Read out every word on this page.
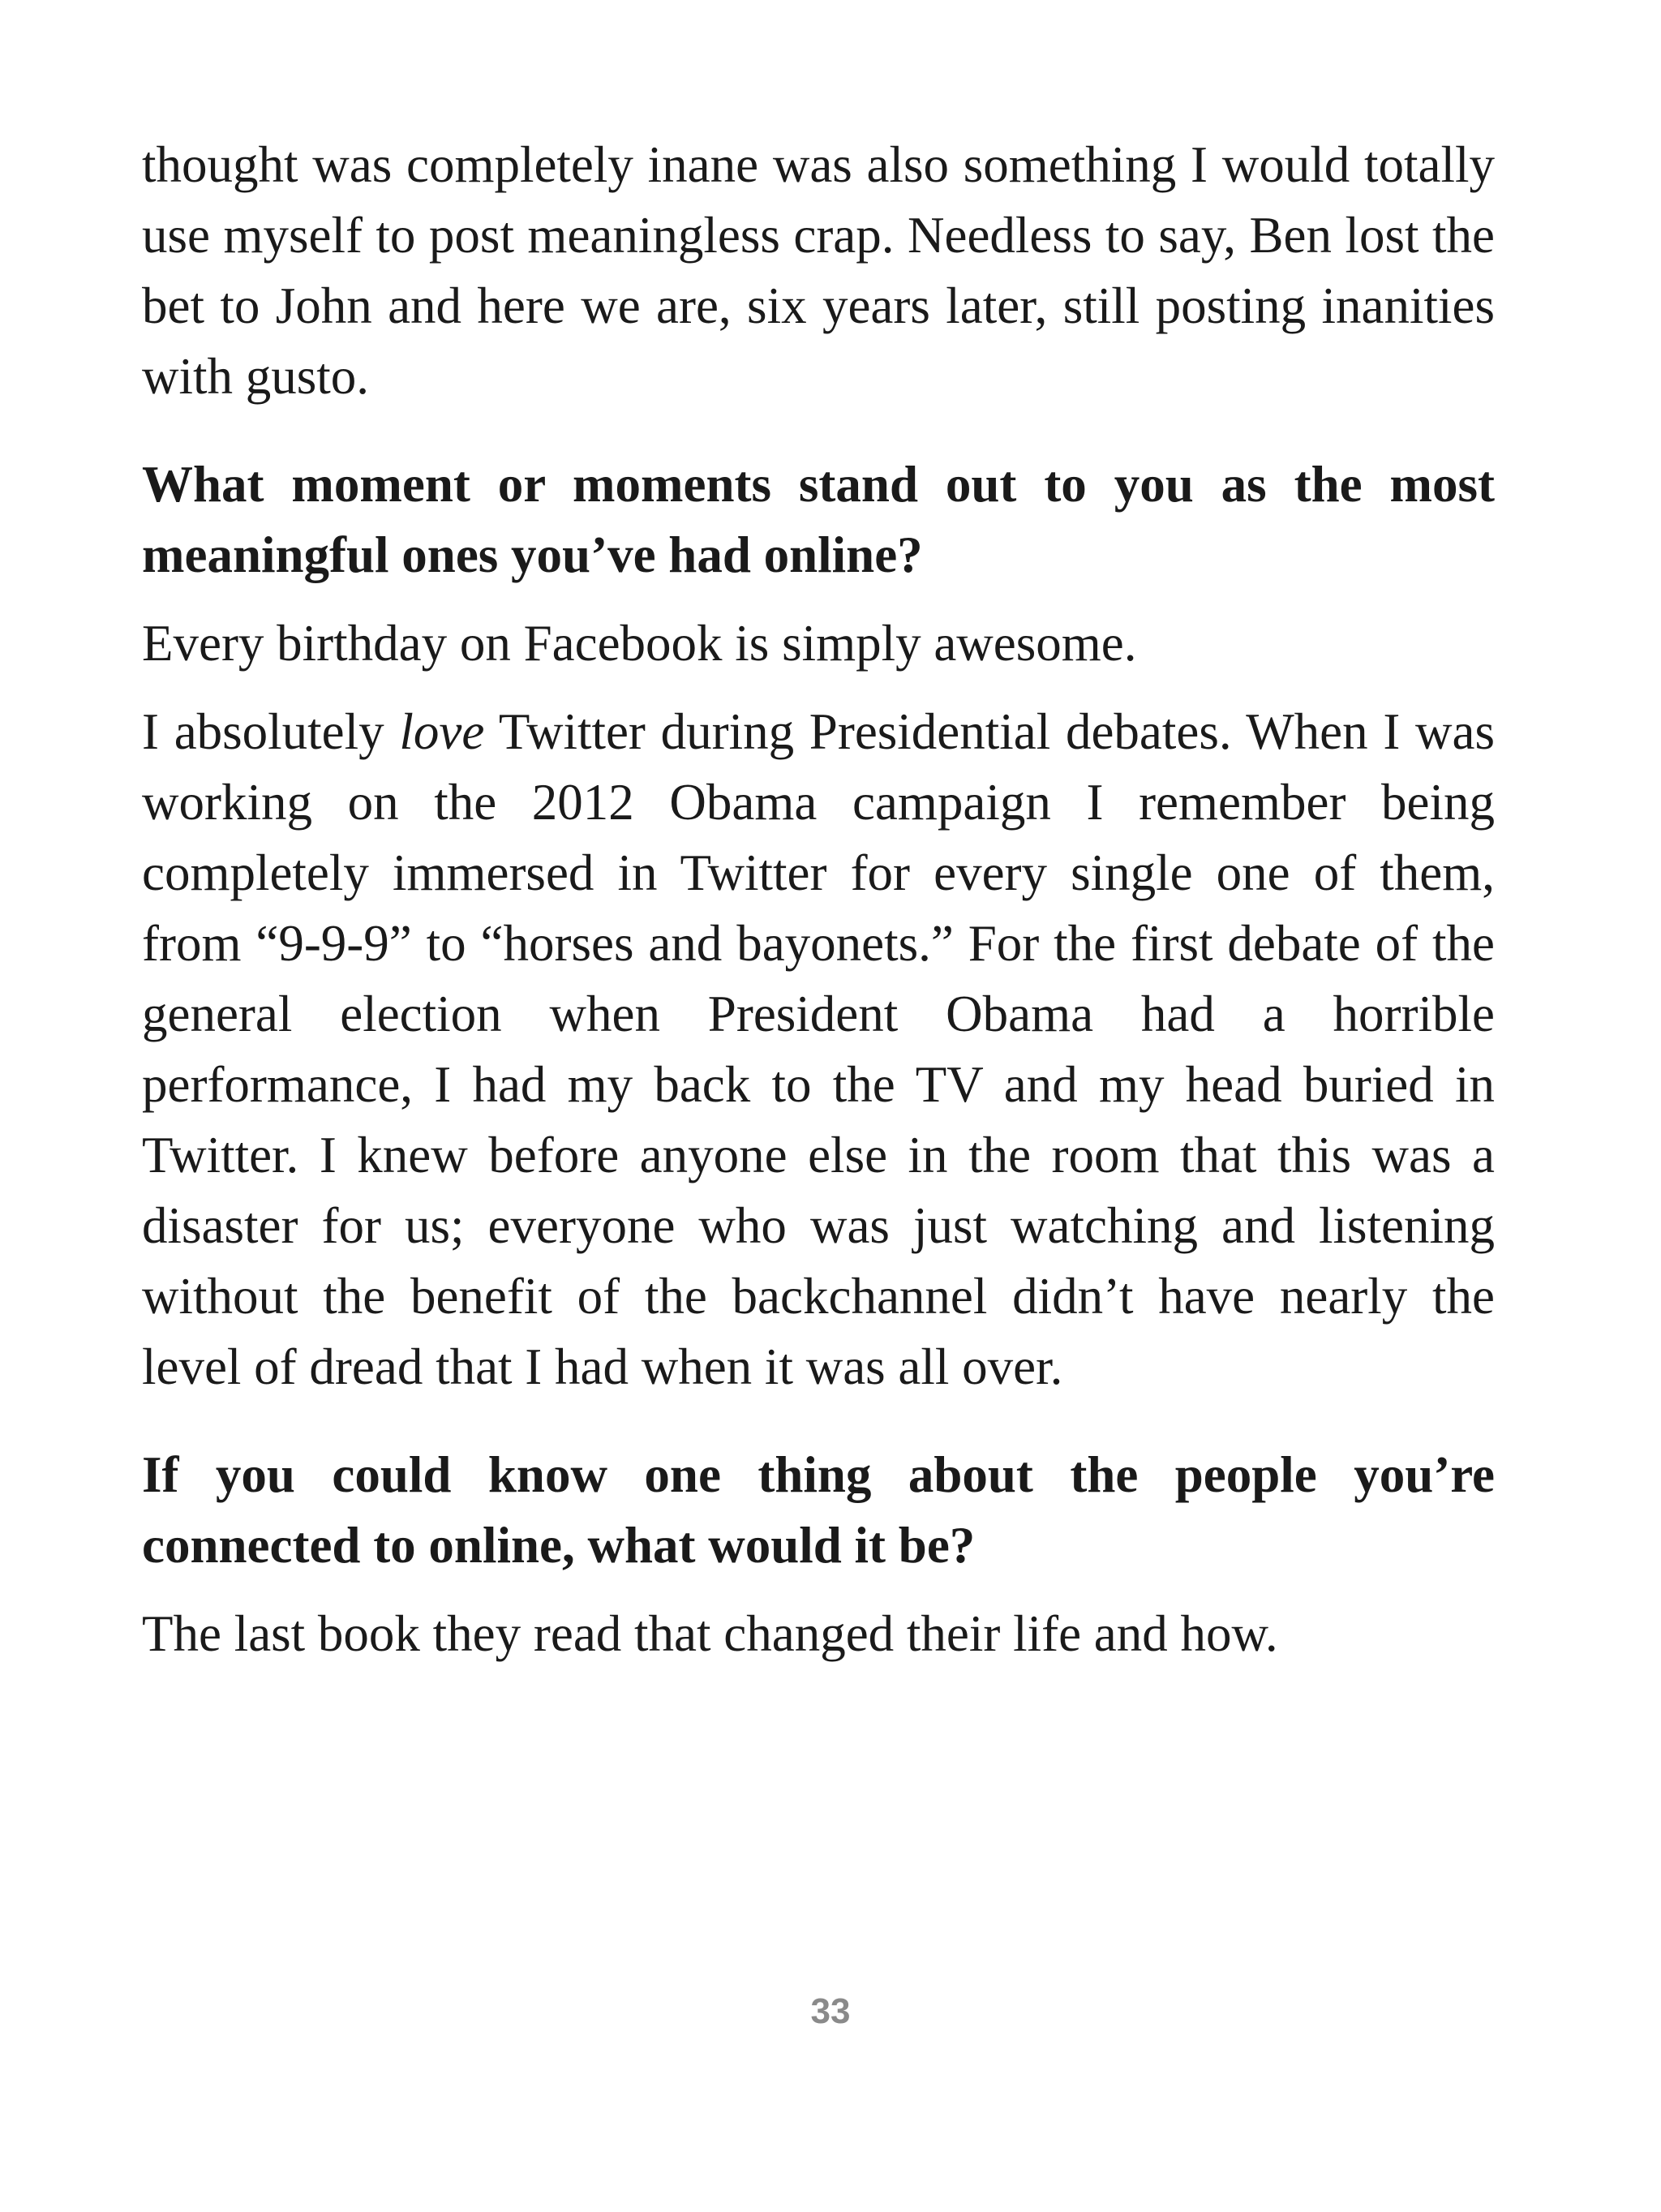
thought was completely inane was also something I would totally use myself to post meaningless crap. Needless to say, Ben lost the bet to John and here we are, six years later, still posting inanities with gusto.

What moment or moments stand out to you as the most meaningful ones you’ve had online?

Every birthday on Facebook is simply awesome.

I absolutely love Twitter during Presidential debates. When I was working on the 2012 Obama campaign I remember being completely immersed in Twitter for every single one of them, from “9-9-9” to “horses and bayonets.” For the first debate of the general election when President Obama had a horrible performance, I had my back to the TV and my head buried in Twitter. I knew before anyone else in the room that this was a disaster for us; everyone who was just watching and listening without the benefit of the backchannel didn’t have nearly the level of dread that I had when it was all over.

If you could know one thing about the people you’re connected to online, what would it be?

The last book they read that changed their life and how.

33
